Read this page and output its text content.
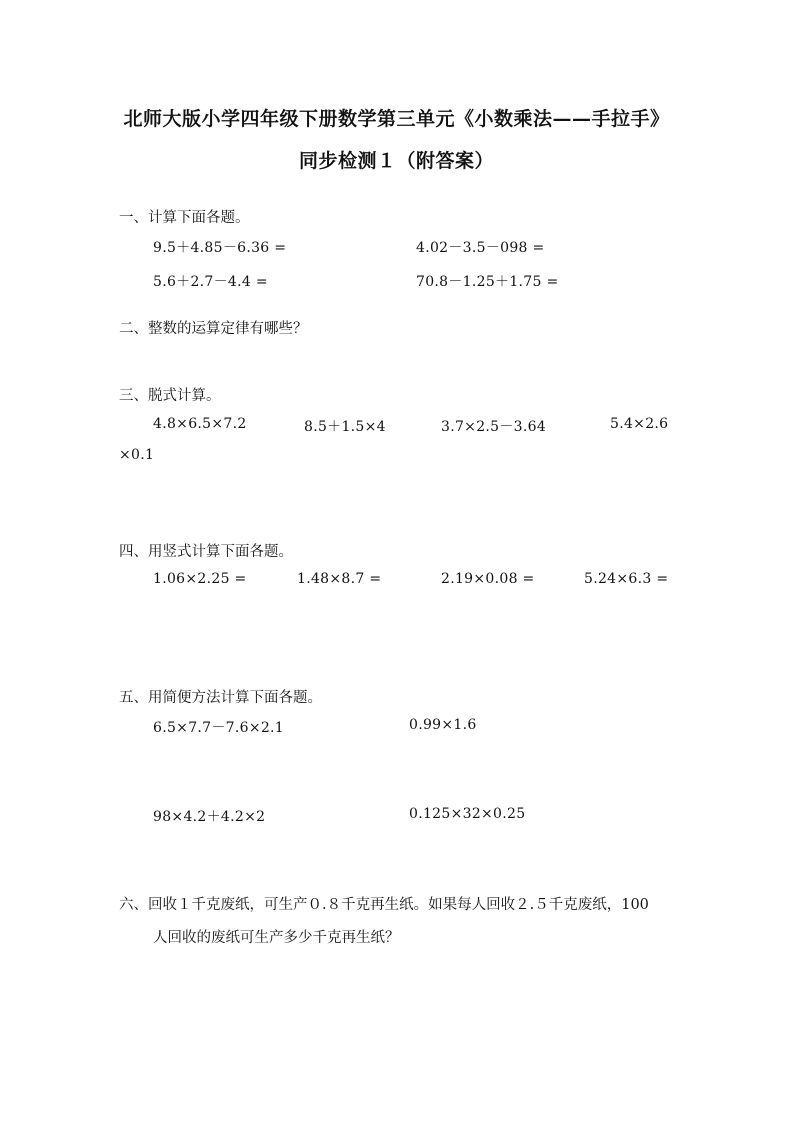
北师大版小学四年级下册数学第三单元《小数乘法——手拉手》
同步检测１（附答案）
一、计算下面各题。
9.5＋4.85－6.36 =	4.02－3.5－098 =
5.6＋2.7－4.4 =	70.8－1.25＋1.75 =
二、整数的运算定律有哪些？
三、脱式计算。
4.8×6.5×7.2	8.5＋1.5×4	3.7×2.5－3.64	5.4×2.6
×0.1
四、用竖式计算下面各题。
1.06×2.25 =	1.48×8.7 =	2.19×0.08 =	5.24×6.3 =
五、用简便方法计算下面各题。
6.5×7.7－7.6×2.1	0.99×1.6
98×4.2＋4.2×2	0.125×32×0.25
六、回收１千克废纸，可生产０.８千克再生纸。如果每人回收２.５千克废纸，100
人回收的废纸可生产多少千克再生纸？
